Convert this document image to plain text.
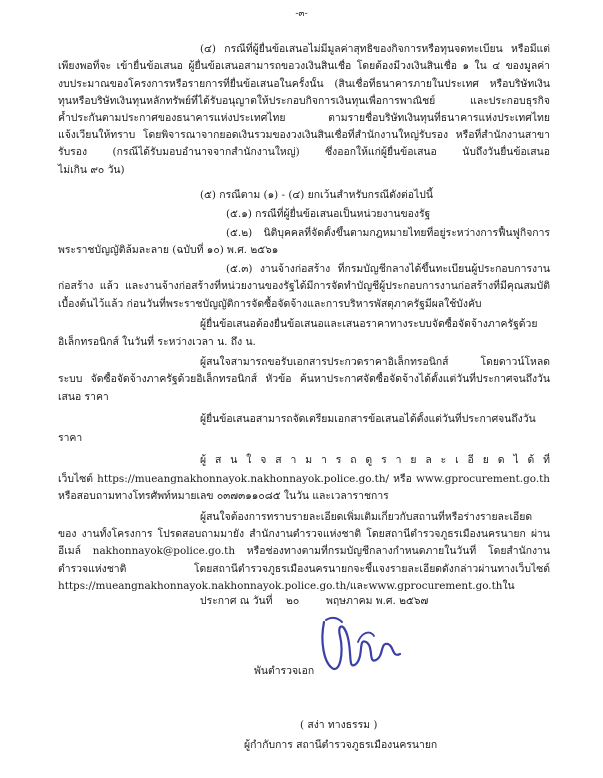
-๓-
(๔) กรณีที่ผู้ยื่นข้อเสนอไม่มีมูลค่าสุทธิของกิจการหรือทุนจดทะเบียน หรือมีแต่
เพียงพอที่จะ เข้ายื่นข้อเสนอ ผู้ยื่นข้อเสนอสามารถขอวงเงินสินเชื่อ โดยต้องมีวงเงินสินเชื่อ ๑ ใน ๔ ของมูลค่า
งบประมาณของโครงการหรือรายการที่ยื่นข้อเสนอในครั้งนั้น (สินเชื่อที่ธนาคารภายในประเทศ หรือบริษัทเงิน
ทุนหรือบริษัทเงินทุนหลักทรัพย์ที่ได้รับอนุญาตให้ประกอบกิจการเงินทุนเพื่อการพาณิชย์ และประกอบธุรกิจ
ค้ำประกันตามประกาศของธนาคารแห่งประเทศไทย ตามรายชื่อบริษัทเงินทุนที่ธนาคารแห่งประเทศไทย
แจ้งเวียนให้ทราบ โดยพิจารณาจากยอดเงินรวมของวงเงินสินเชื่อที่สำนักงานใหญ่รับรอง หรือที่สำนักงานสาขา
รับรอง (กรณีได้รับมอบอำนาจจากสำนักงานใหญ่) ซึ่งออกให้แก่ผู้ยื่นข้อเสนอ นับถึงวันยื่นข้อเสนอ
ไม่เกิน ๙๐ วัน)
(๕) กรณีตาม (๑) - (๔) ยกเว้นสำหรับกรณีดังต่อไปนี้
(๕.๑) กรณีที่ผู้ยื่นข้อเสนอเป็นหน่วยงานของรัฐ
(๕.๒) นิติบุคคลที่จัดตั้งขึ้นตามกฎหมายไทยที่อยู่ระหว่างการฟื้นฟูกิจการ
พระราชบัญญัติล้มละลาย (ฉบับที่ ๑๐) พ.ศ. ๒๕๖๑
(๕.๓) งานจ้างก่อสร้าง ที่กรมบัญชีกลางได้ขึ้นทะเบียนผู้ประกอบการงาน
ก่อสร้าง แล้ว และงานจ้างก่อสร้างที่หน่วยงานของรัฐได้มีการจัดทำบัญชีผู้ประกอบการงานก่อสร้างที่มีคุณสมบัติ
เบื้องต้นไว้แล้ว ก่อนวันที่พระราชบัญญัติการจัดซื้อจัดจ้างและการบริหารพัสดุภาครัฐมีผลใช้บังคับ
ผู้ยื่นข้อเสนอต้องยื่นข้อเสนอและเสนอราคาทางระบบจัดซื้อจัดจ้างภาครัฐด้วย
อิเล็กทรอนิกส์ ในวันที่ ระหว่างเวลา น. ถึง น.
ผู้สนใจสามารถขอรับเอกสารประกวดราคาอิเล็กทรอนิกส์ โดยดาวน์โหลด
ระบบ จัดซื้อจัดจ้างภาครัฐด้วยอิเล็กทรอนิกส์ หัวข้อ ค้นหาประกาศจัดซื้อจัดจ้างได้ตั้งแต่วันที่ประกาศจนถึงวัน
เสนอ ราคา
ผู้ยื่นข้อเสนอสามารถจัดเตรียมเอกสารข้อเสนอได้ตั้งแต่วันที่ประกาศจนถึงวัน
ราคา
ผู้ ส น ใ จ ส า ม า ร ถ ดู ร า ย ล ะ เ อี ย ด ไ ด้ ที่
เว็บไซต์ https://mueangnakhonnayok.nakhonnayok.police.go.th/ หรือ www.gprocurement.go.th
หรือสอบถามทางโทรศัพท์หมายเลข ๐๓๗๓๑๑๐๘๕ ในวัน และเวลาราชการ
ผู้สนใจต้องการทราบรายละเอียดเพิ่มเติมเกี่ยวกับสถานที่หรือร่างรายละเอียด
ของ งานทั้งโครงการ โปรดสอบถามมายัง สำนักงานตำรวจแห่งชาติ โดยสถานีตำรวจภูธรเมืองนครนายก ผ่าน
อีเมล์ nakhonnayok@police.go.th หรือช่องทางตามที่กรมบัญชีกลางกำหนดภายในวันที่ โดยสำนักงาน
ตำรวจแห่งชาติ โดยสถานีตำรวจภูธรเมืองนครนายกจะชี้แจงรายละเอียดดังกล่าวผ่านทางเว็บไซต์
https://mueangnakhonnayok.nakhonnayok.police.go.th/และwww.gprocurement.go.thใน
ประกาศ ณ วันที่ ๒๐	พฤษภาคม พ.ศ. ๒๕๖๗
พันตำรวจเอก
( สง่า ทางธรรม )
ผู้กำกับการ สถานีตำรวจภูธรเมืองนครนายก
